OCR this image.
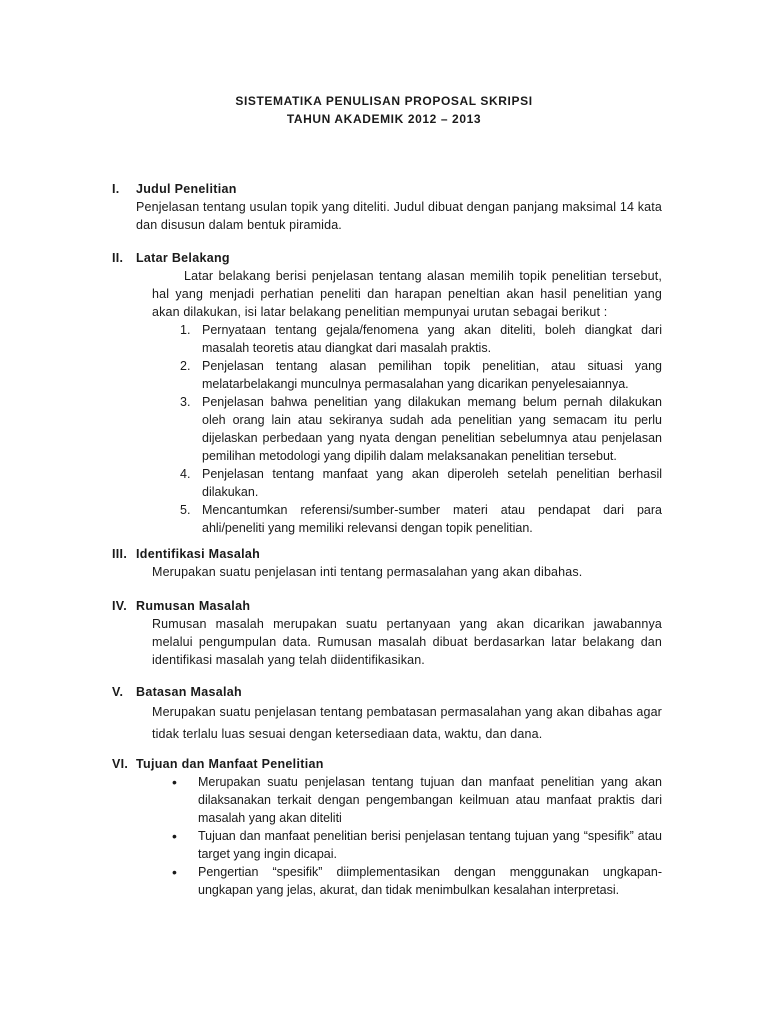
SISTEMATIKA PENULISAN PROPOSAL SKRIPSI
TAHUN AKADEMIK 2012 – 2013
I.	Judul Penelitian
Penjelasan tentang usulan topik yang diteliti. Judul dibuat dengan panjang maksimal 14 kata dan disusun dalam bentuk piramida.
II.	Latar Belakang
Latar belakang berisi penjelasan tentang alasan memilih topik penelitian tersebut, hal yang menjadi perhatian peneliti dan harapan peneltian akan hasil penelitian yang akan dilakukan, isi latar belakang penelitian mempunyai urutan sebagai berikut :
1. Pernyataan tentang gejala/fenomena yang akan diteliti, boleh diangkat dari masalah teoretis atau diangkat dari masalah praktis.
2. Penjelasan tentang alasan pemilihan topik penelitian, atau situasi yang melatarbelakangi munculnya permasalahan yang dicarikan penyelesaiannya.
3. Penjelasan bahwa penelitian yang dilakukan memang belum pernah dilakukan oleh orang lain atau sekiranya sudah ada penelitian yang semacam itu perlu dijelaskan perbedaan yang nyata dengan penelitian sebelumnya atau penjelasan pemilihan metodologi yang dipilih dalam melaksanakan penelitian tersebut.
4. Penjelasan tentang manfaat yang akan diperoleh setelah penelitian berhasil dilakukan.
5. Mencantumkan referensi/sumber-sumber materi atau pendapat dari para ahli/peneliti yang memiliki relevansi dengan topik penelitian.
III. Identifikasi Masalah
Merupakan suatu penjelasan inti tentang permasalahan yang akan dibahas.
IV. Rumusan Masalah
Rumusan masalah merupakan suatu pertanyaan yang akan dicarikan jawabannya melalui pengumpulan data. Rumusan masalah dibuat berdasarkan latar belakang dan identifikasi masalah yang telah diidentifikasikan.
V.	Batasan Masalah
Merupakan suatu penjelasan tentang pembatasan permasalahan yang akan dibahas agar tidak terlalu luas sesuai dengan ketersediaan data, waktu, dan dana.
VI. Tujuan dan Manfaat Penelitian
•	Merupakan suatu penjelasan tentang tujuan dan manfaat penelitian yang akan dilaksanakan terkait dengan pengembangan keilmuan atau manfaat praktis dari masalah yang akan diteliti
•	Tujuan dan manfaat penelitian berisi penjelasan tentang tujuan yang “spesifik” atau target yang ingin dicapai.
•	Pengertian “spesifik” diimplementasikan dengan menggunakan ungkapan-ungkapan yang jelas, akurat, dan tidak menimbulkan kesalahan interpretasi.
